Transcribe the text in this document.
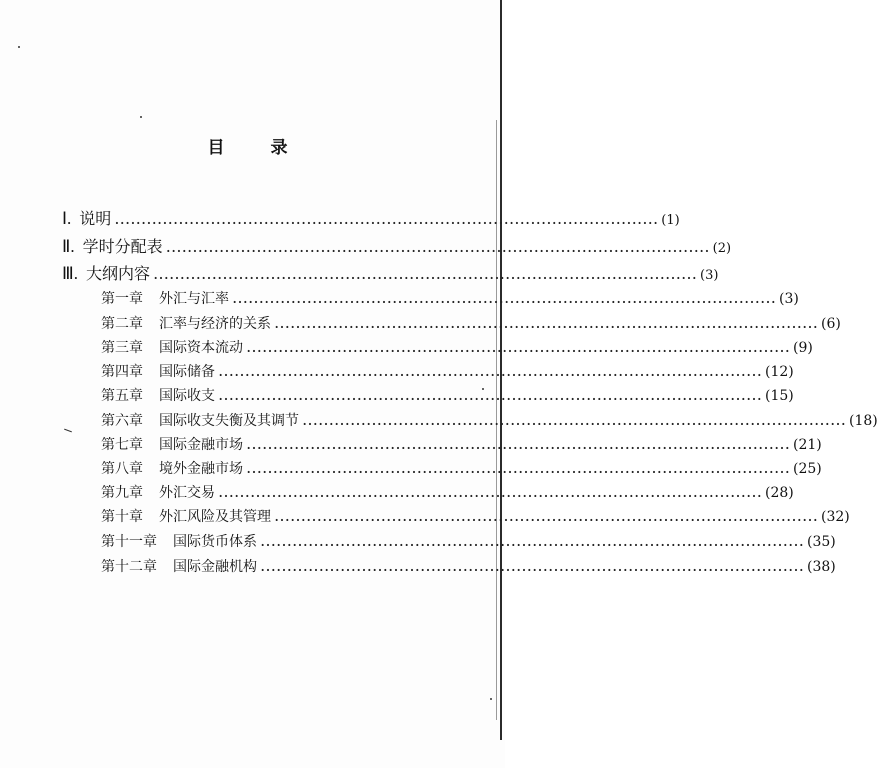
目 录
Ⅰ. 说明 ………………………………………………………………………………………… (1)
Ⅱ. 学时分配表 ………………………………………………………………………………………… (2)
Ⅲ. 大纲内容 ………………………………………………………………………………………… (3)
第一章 外汇与汇率 ………………………………………………………………………………………… (3)
第二章 汇率与经济的关系 ………………………………………………………………………………………… (6)
第三章 国际资本流动 ………………………………………………………………………………………… (9)
第四章 国际储备 ………………………………………………………………………………………… (12)
第五章 国际收支 ………………………………………………………………………………………… (15)
第六章 国际收支失衡及其调节 ………………………………………………………………………………………… (18)
第七章 国际金融市场 ………………………………………………………………………………………… (21)
第八章 境外金融市场 ………………………………………………………………………………………… (25)
第九章 外汇交易 ………………………………………………………………………………………… (28)
第十章 外汇风险及其管理 ………………………………………………………………………………………… (32)
第十一章 国际货币体系 ………………………………………………………………………………………… (35)
第十二章 国际金融机构 ………………………………………………………………………………………… (38)
